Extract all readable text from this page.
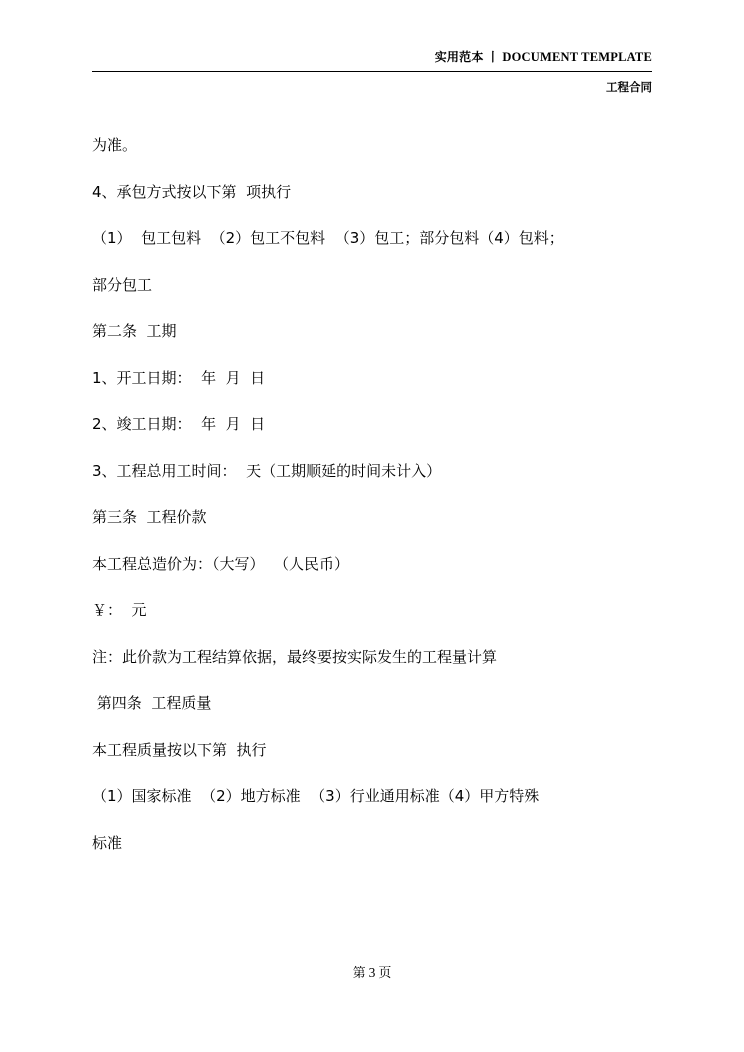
实用范本 丨 DOCUMENT TEMPLATE
工程合同

为准。

4、承包方式按以下第  项执行

（1）  包工包料  （2）包工不包料  （3）包工；部分包料（4）包料；

部分包工

第二条  工期

1、开工日期：  年  月  日

2、竣工日期：  年  月  日

3、工程总用工时间：  天（工期顺延的时间未计入）

第三条  工程价款

本工程总造价为：（大写）  （人民币）

￥：  元

注：此价款为工程结算依据，最终要按实际发生的工程量计算

第四条  工程质量

本工程质量按以下第  执行

（1）国家标准  （2）地方标准  （3）行业通用标准（4）甲方特殊

标准

第 3 页
